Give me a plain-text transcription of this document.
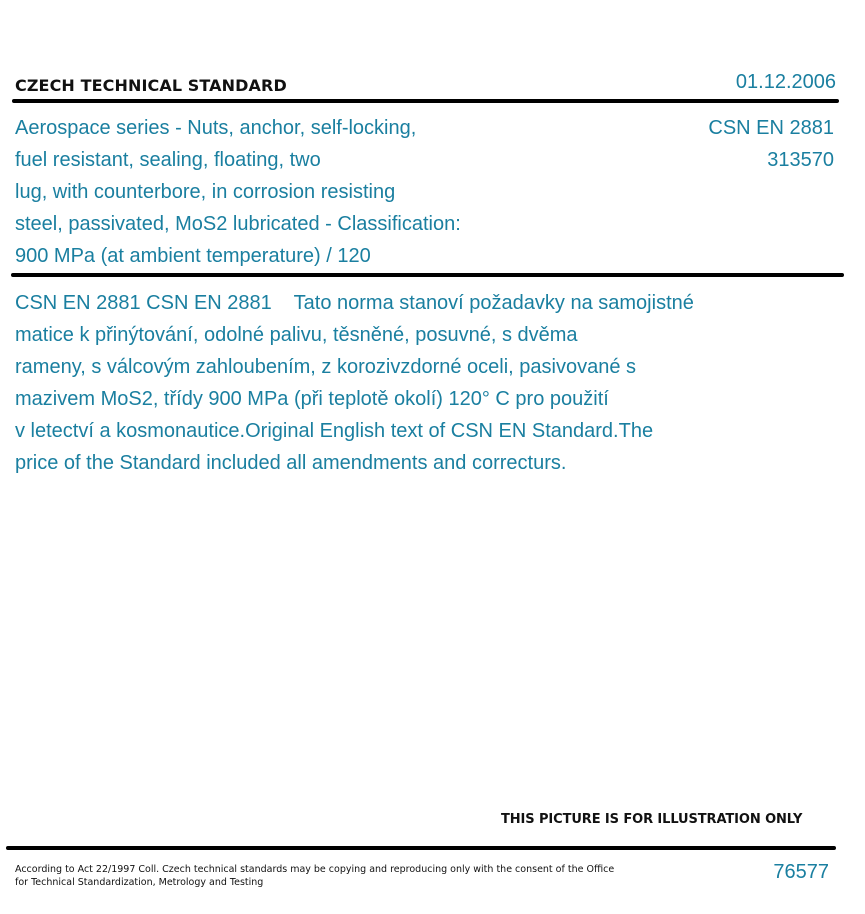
CZECH TECHNICAL STANDARD	01.12.2006
Aerospace series - Nuts, anchor, self-locking,
fuel resistant, sealing, floating, two
lug, with counterbore, in corrosion resisting
steel, passivated, MoS2 lubricated - Classification:
900 MPa (at ambient temperature) / 120
CSN EN 2881
313570
CSN EN 2881 CSN EN 2881    Tato norma stanoví požadavky na samojistné
matice k přinýtování, odolné palivu, těsněné, posuvné, s dvěma
rameny, s válcovým zahloubením, z korozivzdorné oceli, pasivované s
mazivem MoS2, třídy 900 MPa (při teplotě okolí) 120° C pro použití
v letectví a kosmonautice.Original English text of CSN EN Standard.The
price of the Standard included all amendments and correcturs.
THIS PICTURE IS FOR ILLUSTRATION ONLY
According to Act 22/1997 Coll. Czech technical standards may be copying and reproducing only with the consent of the Office
for Technical Standardization, Metrology and Testing	76577
